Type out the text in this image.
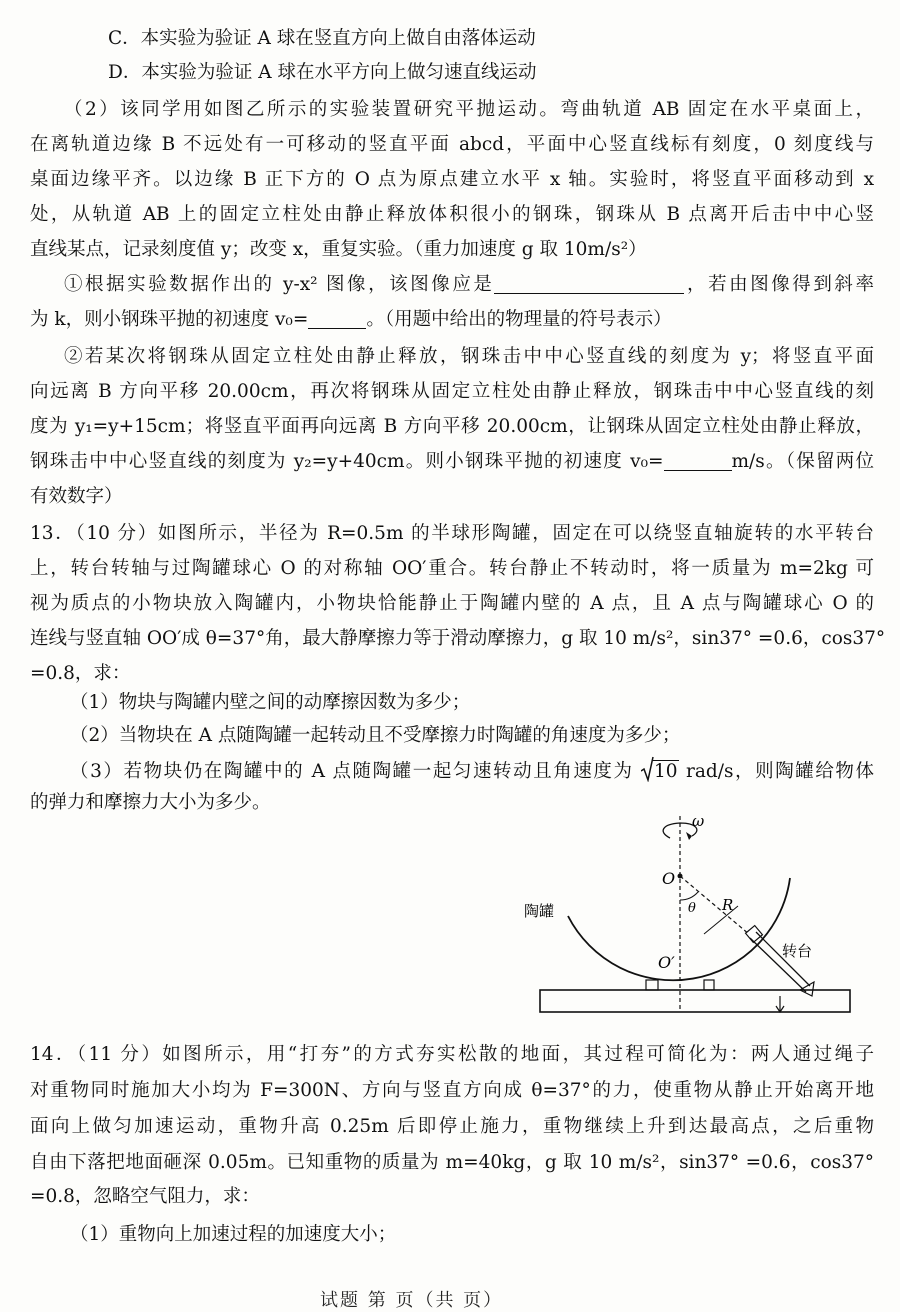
C．本实验为验证 A 球在竖直方向上做自由落体运动
D．本实验为验证 A 球在水平方向上做匀速直线运动
（2）该同学用如图乙所示的实验装置研究平抛运动。弯曲轨道 AB 固定在水平桌面上，
在离轨道边缘 B 不远处有一可移动的竖直平面 abcd，平面中心竖直线标有刻度，0 刻度线与
桌面边缘平齐。以边缘 B 正下方的 O 点为原点建立水平 x 轴。实验时，将竖直平面移动到 x
处，从轨道 AB 上的固定立柱处由静止释放体积很小的钢珠，钢珠从 B 点离开后击中中心竖
直线某点，记录刻度值 y；改变 x，重复实验。（重力加速度 g 取 10m/s²）
①根据实验数据作出的 y-x² 图像，该图像应是	，若由图像得到斜率
为 k，则小钢珠平抛的初速度 v₀=	。（用题中给出的物理量的符号表示）
②若某次将钢珠从固定立柱处由静止释放，钢珠击中中心竖直线的刻度为 y；将竖直平面
向远离 B 方向平移 20.00cm，再次将钢珠从固定立柱处由静止释放，钢珠击中中心竖直线的刻
度为 y₁=y+15cm；将竖直平面再向远离 B 方向平移 20.00cm，让钢珠从固定立柱处由静止释放，
钢珠击中中心竖直线的刻度为 y₂=y+40cm。则小钢珠平抛的初速度 v₀=	m/s。（保留两位
有效数字）
13．（10 分）如图所示，半径为 R=0.5m 的半球形陶罐，固定在可以绕竖直轴旋转的水平转台
上，转台转轴与过陶罐球心 O 的对称轴 OO′重合。转台静止不转动时，将一质量为 m=2kg 可
视为质点的小物块放入陶罐内，小物块恰能静止于陶罐内壁的 A 点，且 A 点与陶罐球心 O 的
连线与竖直轴 OO′成 θ=37°角，最大静摩擦力等于滑动摩擦力，g 取 10 m/s²，sin37° =0.6，cos37°
=0.8，求：
（1）物块与陶罐内壁之间的动摩擦因数为多少；
（2）当物块在 A 点随陶罐一起转动且不受摩擦力时陶罐的角速度为多少；
（3）若物块仍在陶罐中的 A 点随陶罐一起匀速转动且角速度为
10 rad/s，则陶罐给物体
的弹力和摩擦力大小为多少。
ω
O
θ R
O′
陶罐
转台
14．（11 分）如图所示，用“打夯”的方式夯实松散的地面，其过程可简化为：两人通过绳子
对重物同时施加大小均为 F=300N、方向与竖直方向成 θ=37°的力，使重物从静止开始离开地
面向上做匀加速运动，重物升高 0.25m 后即停止施力，重物继续上升到达最高点，之后重物
自由下落把地面砸深 0.05m。已知重物的质量为 m=40kg，g 取 10 m/s²，sin37° =0.6，cos37°
=0.8，忽略空气阻力，求：
（1）重物向上加速过程的加速度大小；
试题 第 页（共 页）
